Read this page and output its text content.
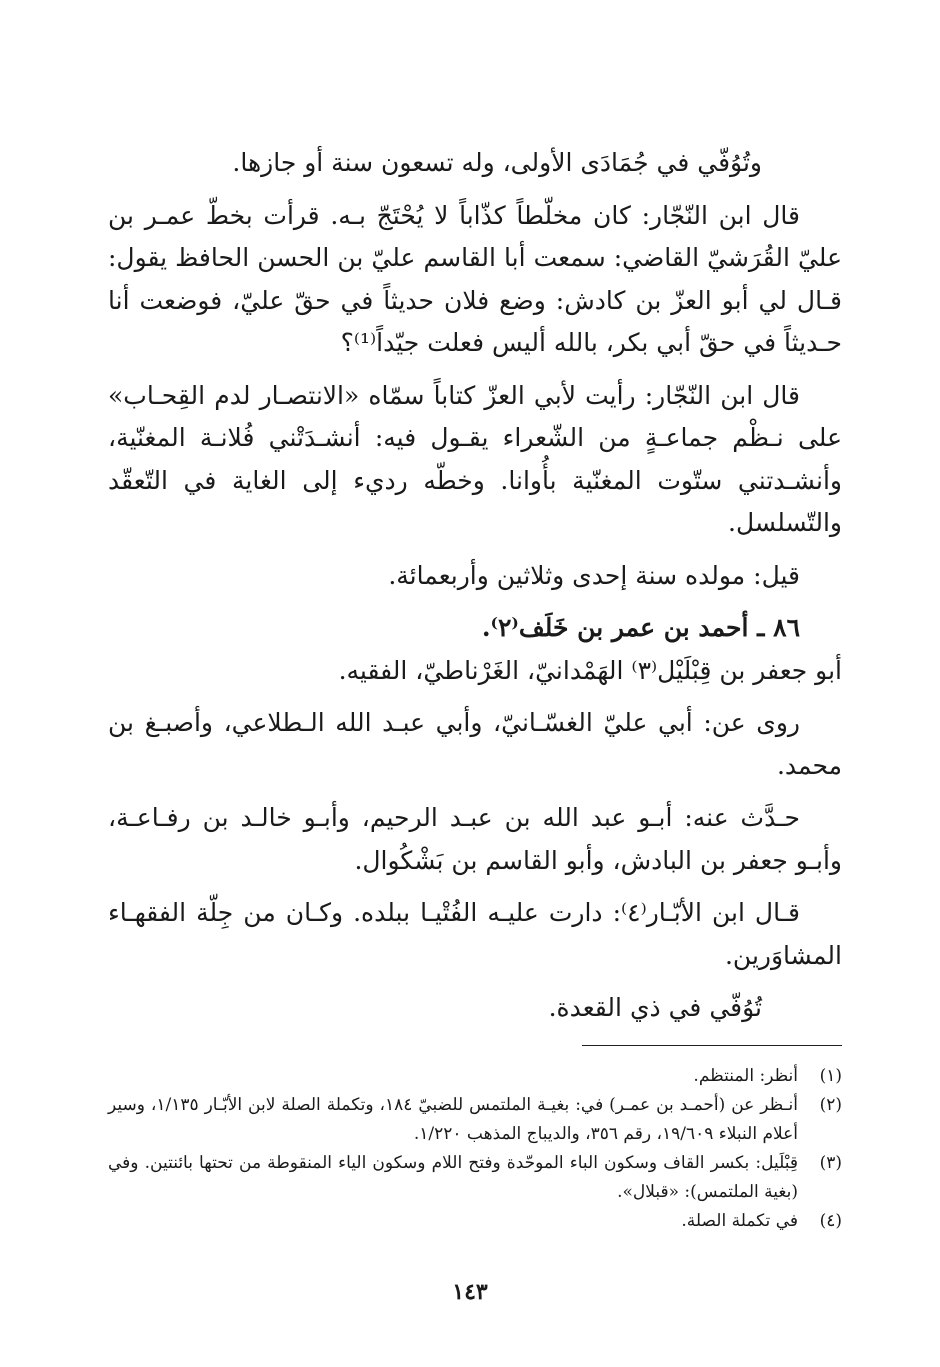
وتُوُفّي في جُمَادَى الأولى، وله تسعون سنة أو جازها.

قال ابن النّجّار: كان مخلّطاً كذّاباً لا يُحْتَجّ بـه. قرأت بخطّ عمـر بن عليّ القُرَشيّ القاضي: سمعت أبا القاسم عليّ بن الحسن الحافظ يقول: قـال لي أبو العزّ بن كادش: وضع فلان حديثاً في حقّ عليّ، فوضعت أنا حـديثاً في حقّ أبي بكر، بالله أليس فعلت جيّداً⁽¹⁾؟

قال ابن النّجّار: رأيت لأبي العزّ كتاباً سمّاه «الانتصـار لدم القِحـاب» على نـظْم جماعـةٍ من الشّعراء يقـول فيه: أنشـدَتْني فُلانـة المغنّية، وأنشـدتني ستّوت المغنّية بأُوانا. وخطّه رديء إلى الغاية في التّعقّد والتّسلسل.

قيل: مولده سنة إحدى وثلاثين وأربعمائة.

٨٦ ـ أحمد بن عمر بن خَلَف⁽٢⁾.

أبو جعفر بن قِبْلَيْل⁽٣⁾ الهَمْدانيّ، الغَرْناطيّ، الفقيه.

روى عن: أبي عليّ الغسّـانيّ، وأبي عبـد الله الـطلاعي، وأصبـغ بن محمد.

حـدَّث عنه: أبـو عبد الله بن عبـد الرحيم، وأبـو خالـد بن رفـاعـة، وأبـو جعفر بن البادش، وأبو القاسم بن بَشْكُوال.

قـال ابن الأبّـار⁽٤⁾: دارت عليـه الفُتْيـا ببلده. وكـان من جِلّة الفقهـاء المشاوَرين.

تُوُفّي في ذي القعدة.

(١)
أنظر: المنتظم.
(٢)
أنـظر عن (أحمـد بن عمـر) في: بغيـة الملتمس للضبيّ ١٨٤، وتكملة الصلة لابن الأبّـار ١/١٣٥، وسير أعلام النبلاء ١٩/٦٠٩، رقم ٣٥٦، والديباج المذهب ١/٢٢٠.
(٣)
قِبْلَيل: بكسر القاف وسكون الباء الموحّدة وفتح اللام وسكون الياء المنقوطة من تحتها بائنتين. وفي (بغية الملتمس): «قبلال».
(٤)
في تكملة الصلة.
١٤٣
